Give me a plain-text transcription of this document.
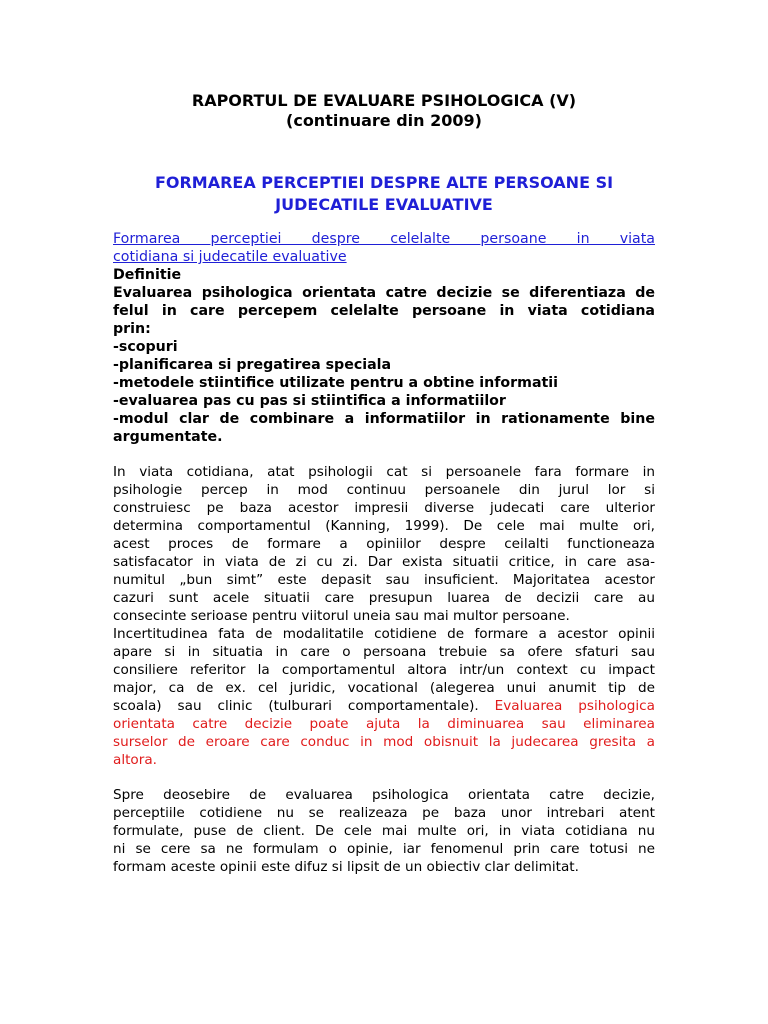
RAPORTUL DE EVALUARE PSIHOLOGICA (V)
(continuare din 2009)
FORMAREA PERCEPTIEI DESPRE ALTE PERSOANE SI
JUDECATILE EVALUATIVE
Formarea perceptiei despre celelalte persoane in viata
cotidiana si judecatile evaluative
Definitie
Evaluarea psihologica orientata catre decizie se diferentiaza de
felul in care percepem celelalte persoane in viata cotidiana
prin:
-scopuri
-planificarea si pregatirea speciala
-metodele stiintifice utilizate pentru a obtine informatii
-evaluarea pas cu pas si stiintifica a informatiilor
-modul clar de combinare a informatiilor in rationamente bine
argumentate.
In viata cotidiana, atat psihologii cat si persoanele fara formare in
psihologie percep in mod continuu persoanele din jurul lor si
construiesc pe baza acestor impresii diverse judecati care ulterior
determina comportamentul (Kanning, 1999). De cele mai multe ori,
acest proces de formare a opiniilor despre ceilalti functioneaza
satisfacator in viata de zi cu zi. Dar exista situatii critice, in care asa-
numitul „bun simt” este depasit sau insuficient. Majoritatea acestor
cazuri sunt acele situatii care presupun luarea de decizii care au
consecinte serioase pentru viitorul uneia sau mai multor persoane.
Incertitudinea fata de modalitatile cotidiene de formare a acestor opinii
apare si in situatia in care o persoana trebuie sa ofere sfaturi sau
consiliere referitor la comportamentul altora intr/un context cu impact
major, ca de ex. cel juridic, vocational (alegerea unui anumit tip de
scoala) sau clinic (tulburari comportamentale). Evaluarea psihologica
orientata catre decizie poate ajuta la diminuarea sau eliminarea
surselor de eroare care conduc in mod obisnuit la judecarea gresita a
altora.
Spre deosebire de evaluarea psihologica orientata catre decizie,
perceptiile cotidiene nu se realizeaza pe baza unor intrebari atent
formulate, puse de client. De cele mai multe ori, in viata cotidiana nu
ni se cere sa ne formulam o opinie, iar fenomenul prin care totusi ne
formam aceste opinii este difuz si lipsit de un obiectiv clar delimitat.
